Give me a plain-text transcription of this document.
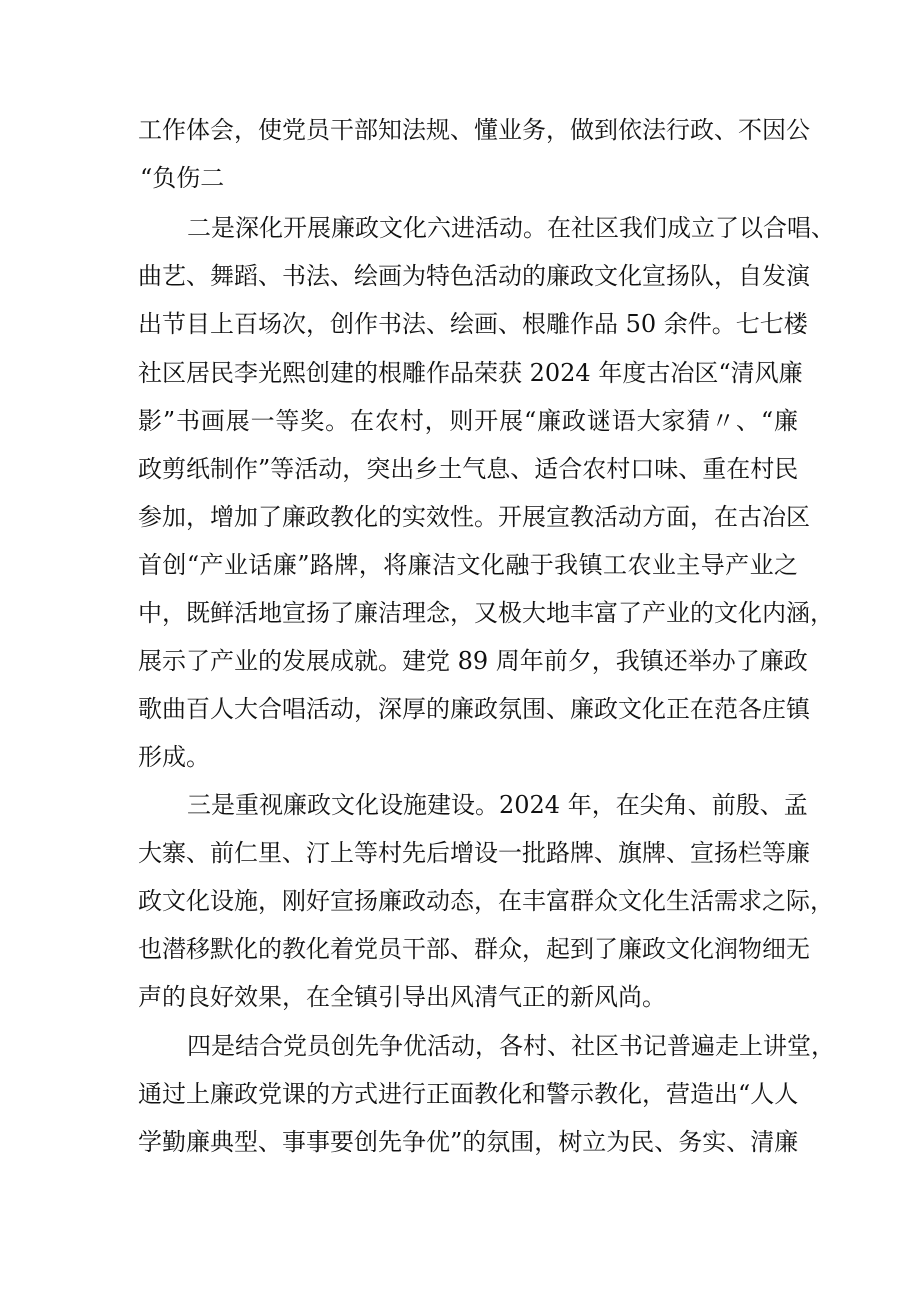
工作体会，使党员干部知法规、懂业务，做到依法行政、不因公
“负伤二
二是深化开展廉政文化六进活动。在社区我们成立了以合唱、
曲艺、舞蹈、书法、绘画为特色活动的廉政文化宣扬队，自发演
出节目上百场次，创作书法、绘画、根雕作品 50 余件。七七楼
社区居民李光熙创建的根雕作品荣获 2024 年度古冶区“清风廉
影”书画展一等奖。在农村，则开展“廉政谜语大家猜〃、“廉
政剪纸制作”等活动，突出乡土气息、适合农村口味、重在村民
参加，增加了廉政教化的实效性。开展宣教活动方面，在古冶区
首创“产业话廉”路牌，将廉洁文化融于我镇工农业主导产业之
中，既鲜活地宣扬了廉洁理念，又极大地丰富了产业的文化内涵，
展示了产业的发展成就。建党 89 周年前夕，我镇还举办了廉政
歌曲百人大合唱活动，深厚的廉政氛围、廉政文化正在范各庄镇
形成。
三是重视廉政文化设施建设。2024 年，在尖角、前殷、孟
大寨、前仁里、汀上等村先后增设一批路牌、旗牌、宣扬栏等廉
政文化设施，刚好宣扬廉政动态，在丰富群众文化生活需求之际，
也潜移默化的教化着党员干部、群众，起到了廉政文化润物细无
声的良好效果，在全镇引导出风清气正的新风尚。
四是结合党员创先争优活动，各村、社区书记普遍走上讲堂，
通过上廉政党课的方式进行正面教化和警示教化，营造出“人人
学勤廉典型、事事要创先争优”的氛围，树立为民、务实、清廉
